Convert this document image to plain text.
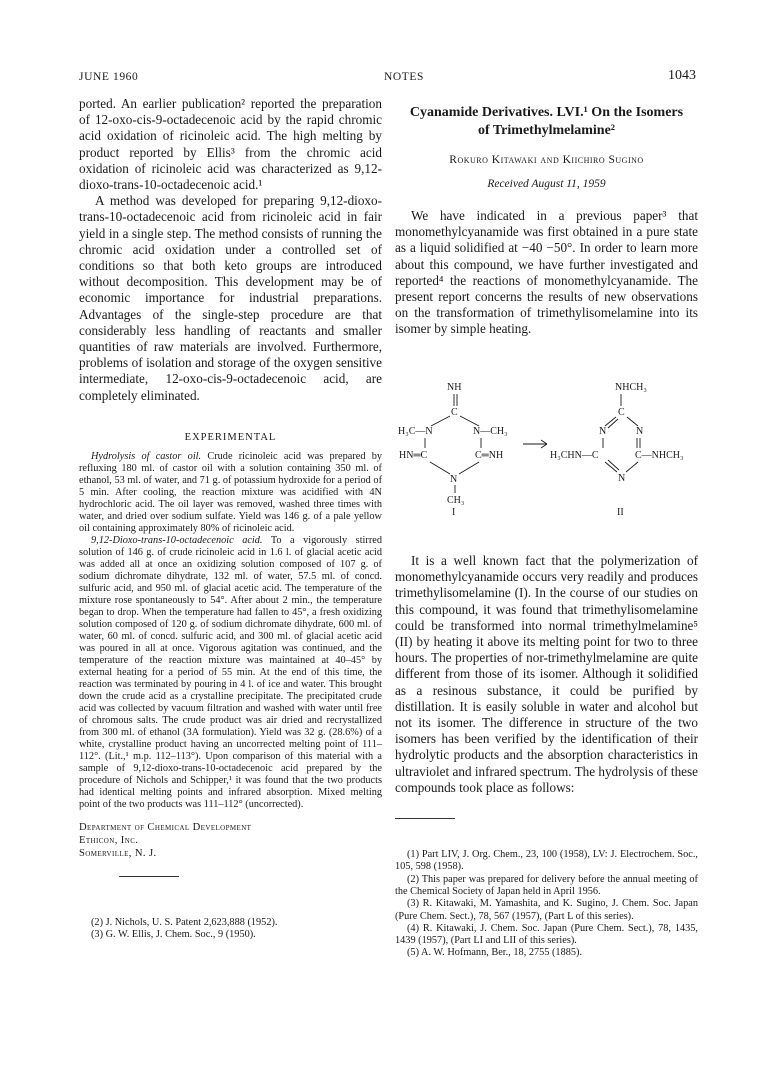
JUNE 1960	NOTES	1043

ported. An earlier publication² reported the preparation of 12-oxo-cis-9-octadecenoic acid by the rapid chromic acid oxidation of ricinoleic acid. The high melting by product reported by Ellis³ from the chromic acid oxidation of ricinoleic acid was characterized as 9,12-dioxo-trans-10-octadecenoic acid.¹

A method was developed for preparing 9,12-dioxo-trans-10-octadecenoic acid from ricinoleic acid in fair yield in a single step. The method consists of running the chromic acid oxidation under a controlled set of conditions so that both keto groups are introduced without decomposition. This development may be of economic importance for industrial preparations. Advantages of the single-step procedure are that considerably less handling of reactants and smaller quantities of raw materials are involved. Furthermore, problems of isolation and storage of the oxygen sensitive intermediate, 12-oxo-cis-9-octadecenoic acid, are completely eliminated.

EXPERIMENTAL

Hydrolysis of castor oil. Crude ricinoleic acid was prepared by refluxing 180 ml. of castor oil with a solution containing 350 ml. of ethanol, 53 ml. of water, and 71 g. of potassium hydroxide for a period of 5 min. After cooling, the reaction mixture was acidified with 4N hydrochloric acid. The oil layer was removed, washed three times with water, and dried over sodium sulfate. Yield was 146 g. of a pale yellow oil containing approximately 80% of ricinoleic acid.

9,12-Dioxo-trans-10-octadecenoic acid. To a vigorously stirred solution of 146 g. of crude ricinoleic acid in 1.6 l. of glacial acetic acid was added all at once an oxidizing solution composed of 107 g. of sodium dichromate dihydrate, 132 ml. of water, 57.5 ml. of concd. sulfuric acid, and 950 ml. of glacial acetic acid. The temperature of the mixture rose spontaneously to 54°. After about 2 min., the temperature began to drop. When the temperature had fallen to 45°, a fresh oxidizing solution composed of 120 g. of sodium dichromate dihydrate, 600 ml. of water, 60 ml. of concd. sulfuric acid, and 300 ml. of glacial acetic acid was poured in all at once. Vigorous agitation was continued, and the temperature of the reaction mixture was maintained at 40–45° by external heating for a period of 55 min. At the end of this time, the reaction was terminated by pouring in 4 l. of ice and water. This brought down the crude acid as a crystalline precipitate. The precipitated crude acid was collected by vacuum filtration and washed with water until free of chromous salts. The crude product was air dried and recrystallized from 300 ml. of ethanol (3A formulation). Yield was 32 g. (28.6%) of a white, crystalline product having an uncorrected melting point of 111–112°. (Lit.,¹ m.p. 112–113°). Upon comparison of this material with a sample of 9,12-dioxo-trans-10-octadecenoic acid prepared by the procedure of Nichols and Schipper,¹ it was found that the two products had identical melting points and infrared absorption. Mixed melting point of the two products was 111–112° (uncorrected).

Department of Chemical Development
Ethicon, Inc.
Somerville, N. J.

(2) J. Nichols, U. S. Patent 2,623,888 (1952).

(3) G. W. Ellis, J. Chem. Soc., 9 (1950).

Cyanamide Derivatives. LVI.¹ On the Isomers
of Trimethylmelamine²
Rokuro Kitawaki and Kiichiro Sugino
Received August 11, 1959

We have indicated in a previous paper³ that monomethylcyanamide was first obtained in a pure state as a liquid solidified at −40 −50°. In order to learn more about this compound, we have further investigated and reported⁴ the reactions of monomethylcyanamide. The present report concerns the results of new observations on the transformation of trimethylisomelamine into its isomer by simple heating.

NH
C
H₃C—N	N—CH₃
HN═C	C═NH
N
CH₃
I
NHCH₃
C
N	N
H₃CHN—C	C—NHCH₃
N
II

It is a well known fact that the polymerization of monomethylcyanamide occurs very readily and produces trimethylisomelamine (I). In the course of our studies on this compound, it was found that trimethylisomelamine could be transformed into normal trimethylmelamine⁵ (II) by heating it above its melting point for two to three hours. The properties of nor-trimethylmelamine are quite different from those of its isomer. Although it solidified as a resinous substance, it could be purified by distillation. It is easily soluble in water and alcohol but not its isomer. The difference in structure of the two isomers has been verified by the identification of their hydrolytic products and the absorption characteristics in ultraviolet and infrared spectrum. The hydrolysis of these compounds took place as follows:

(1) Part LIV, J. Org. Chem., 23, 100 (1958), LV: J. Electrochem. Soc., 105, 598 (1958).

(2) This paper was prepared for delivery before the annual meeting of the Chemical Society of Japan held in April 1956.

(3) R. Kitawaki, M. Yamashita, and K. Sugino, J. Chem. Soc. Japan (Pure Chem. Sect.), 78, 567 (1957), (Part L of this series).

(4) R. Kitawaki, J. Chem. Soc. Japan (Pure Chem. Sect.), 78, 1435, 1439 (1957), (Part LI and LII of this series).

(5) A. W. Hofmann, Ber., 18, 2755 (1885).
